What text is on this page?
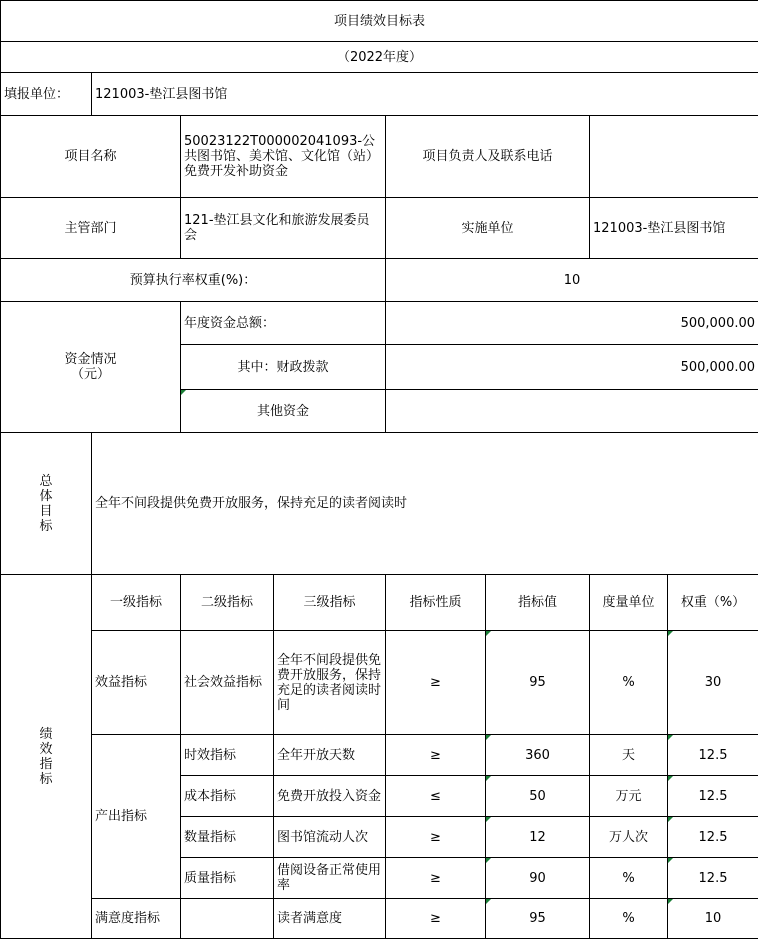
项目绩效目标表							
（2022年度）							
填报单位：	121003-垫江县图书馆						
项目名称		50023122T000002041093-公共图书馆、美术馆、文化馆（站）免费开发补助资金		项目负责人及联系电话			
主管部门		121-垫江县文化和旅游发展委员会		实施单位		121003-垫江县图书馆	
预算执行率权重(%)：				10			
资金情况
（元）		年度资金总额：		500,000.00			
		其中：财政拨款		500,000.00			
		其他资金					

总
体
目
标	全年不间段提供免费开放服务，保持充足的读者阅读时						

绩
效
指
标	一级指标	二级指标	三级指标	指标性质	指标值	度量单位	权重（%）
	效益指标	社会效益指标	全年不间段提供免费开放服务，保持充足的读者阅读时间	≥	95	%	30
	产出指标	时效指标	全年开放天数	≥	360	天	12.5
		成本指标	免费开放投入资金	≤	50	万元	12.5
		数量指标	图书馆流动人次	≥	12	万人次	12.5
		质量指标	借阅设备正常使用率	≥	90	%	12.5
	满意度指标		读者满意度	≥	95	%	10
